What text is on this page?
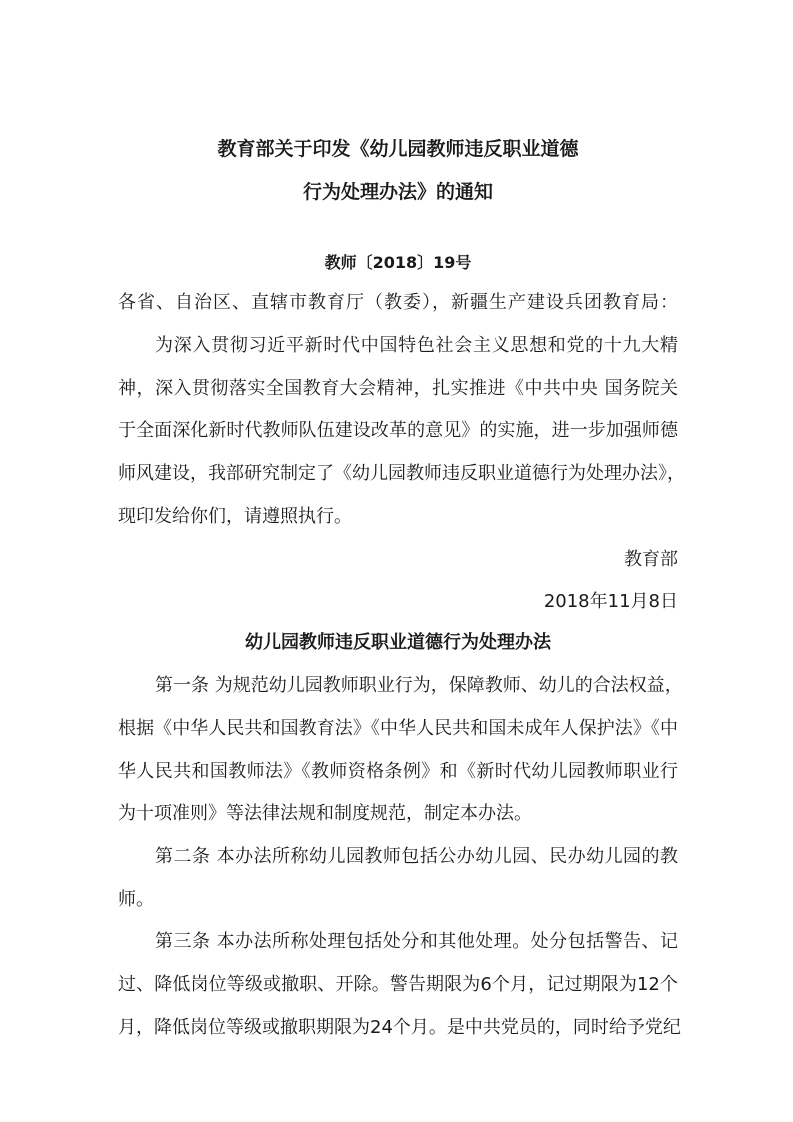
教育部关于印发《幼儿园教师违反职业道德
行为处理办法》的通知
教师〔2018〕19号
各省、自治区、直辖市教育厅（教委），新疆生产建设兵团教育局：
为深入贯彻习近平新时代中国特色社会主义思想和党的十九大精
神，深入贯彻落实全国教育大会精神，扎实推进《中共中央 国务院关
于全面深化新时代教师队伍建设改革的意见》的实施，进一步加强师德
师风建设，我部研究制定了《幼儿园教师违反职业道德行为处理办法》，
现印发给你们，请遵照执行。
教育部
2018年11月8日
幼儿园教师违反职业道德行为处理办法
第一条 为规范幼儿园教师职业行为，保障教师、幼儿的合法权益，
根据《中华人民共和国教育法》《中华人民共和国未成年人保护法》《中
华人民共和国教师法》《教师资格条例》和《新时代幼儿园教师职业行
为十项准则》等法律法规和制度规范，制定本办法。
第二条 本办法所称幼儿园教师包括公办幼儿园、民办幼儿园的教
师。
第三条 本办法所称处理包括处分和其他处理。处分包括警告、记
过、降低岗位等级或撤职、开除。警告期限为6个月，记过期限为12个
月，降低岗位等级或撤职期限为24个月。是中共党员的，同时给予党纪
